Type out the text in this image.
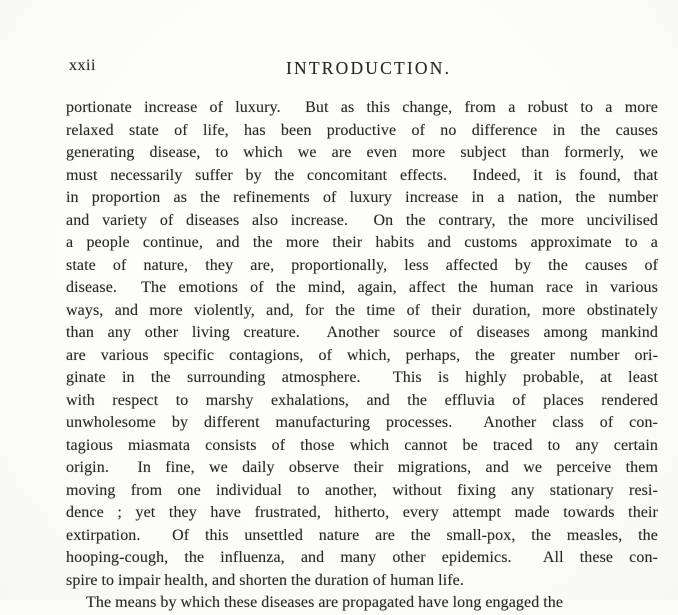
xxii	INTRODUCTION.
portionate increase of luxury.  But as this change, from a robust to a more
relaxed state of life, has been productive of no difference in the causes
generating disease, to which we are even more subject than formerly, we
must necessarily suffer by the concomitant effects.  Indeed, it is found, that
in proportion as the refinements of luxury increase in a nation, the number
and variety of diseases also increase.  On the contrary, the more uncivilised
a people continue, and the more their habits and customs approximate to a
state of nature, they are, proportionally, less affected by the causes of
disease.  The emotions of the mind, again, affect the human race in various
ways, and more violently, and, for the time of their duration, more obstinately
than any other living creature.  Another source of diseases among mankind
are various specific contagions, of which, perhaps, the greater number ori-
ginate in the surrounding atmosphere.  This is highly probable, at least
with respect to marshy exhalations, and the effluvia of places rendered
unwholesome by different manufacturing processes.  Another class of con-
tagious miasmata consists of those which cannot be traced to any certain
origin.  In fine, we daily observe their migrations, and we perceive them
moving from one individual to another, without fixing any stationary resi-
dence ; yet they have frustrated, hitherto, every attempt made towards their
extirpation.  Of this unsettled nature are the small-pox, the measles, the
hooping-cough, the influenza, and many other epidemics.  All these con-
spire to impair health, and shorten the duration of human life.
The means by which these diseases are propagated have long engaged the
